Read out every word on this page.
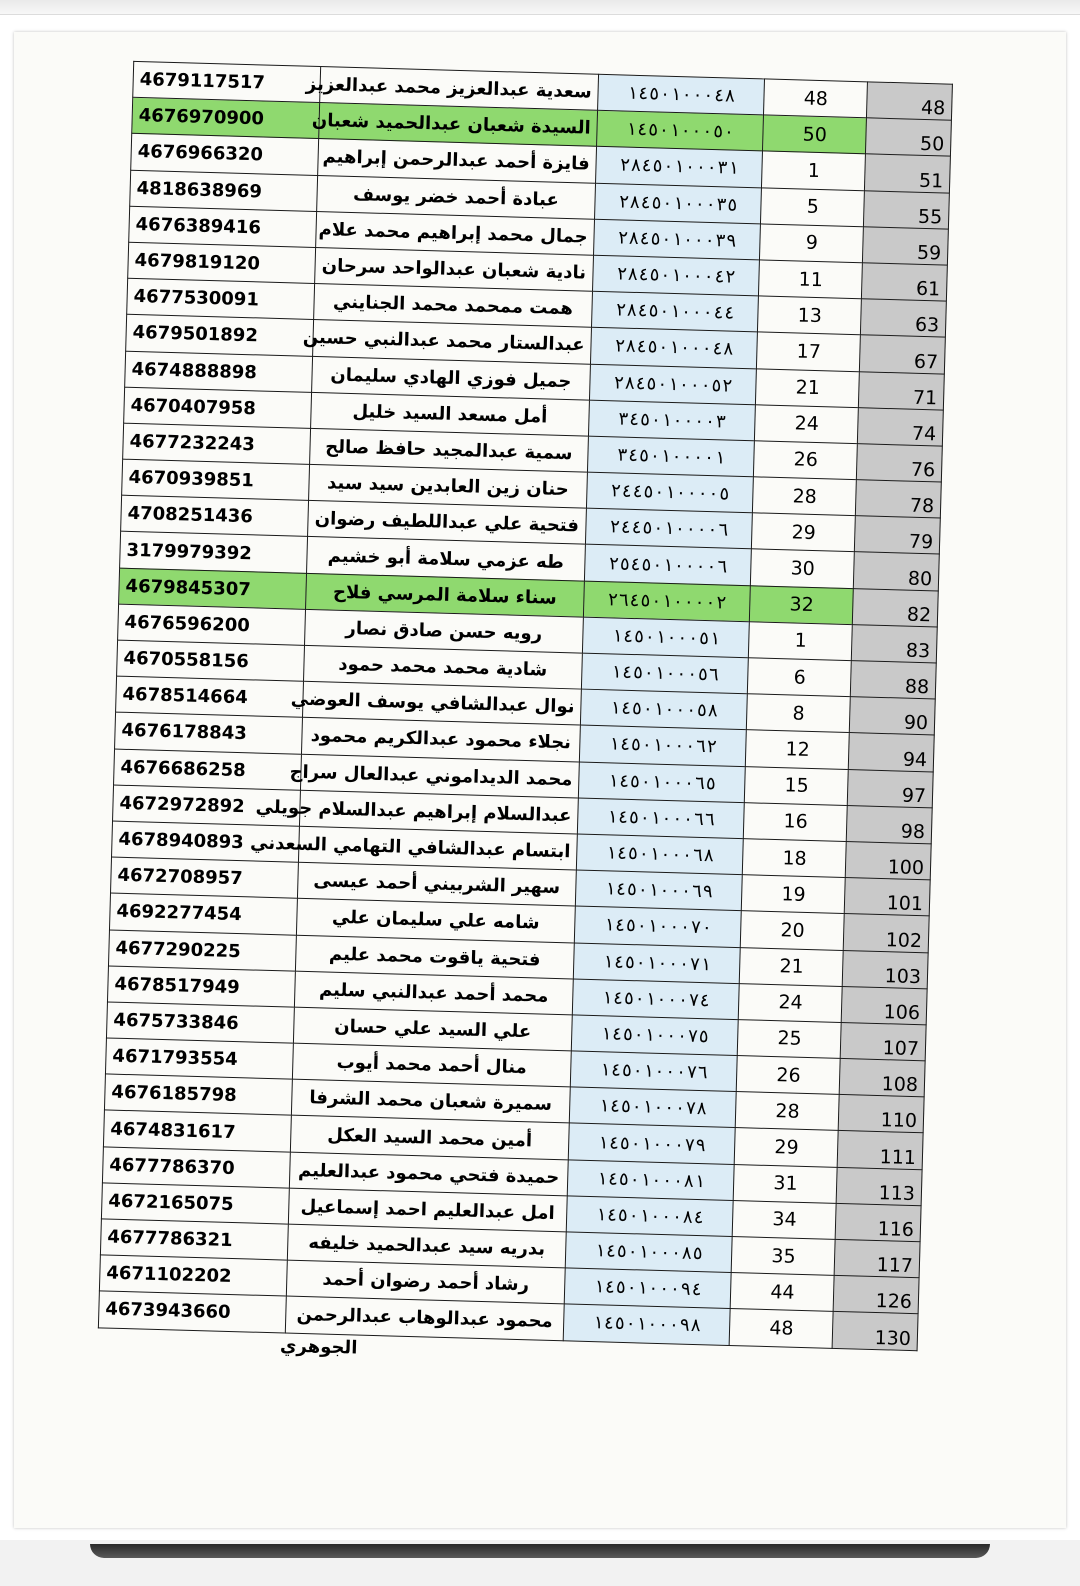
48	48	١٤٥٠١٠٠٠٤٨	سعدية عبدالعزيز محمد عبدالعزيز	4679117517
50	50	١٤٥٠١٠٠٠٥٠	السيدة شعبان عبدالحميد شعبان	4676970900
51	1	٢٨٤٥٠١٠٠٠٣١	فايزة أحمد عبدالرحمن إبراهيم	4676966320
55	5	٢٨٤٥٠١٠٠٠٣٥	عبادة أحمد خضر يوسف	4818638969
59	9	٢٨٤٥٠١٠٠٠٣٩	جمال محمد إبراهيم محمد علام	4676389416
61	11	٢٨٤٥٠١٠٠٠٤٢	نادية شعبان عبدالواحد سرحان	4679819120
63	13	٢٨٤٥٠١٠٠٠٤٤	همت ممحمد محمد الجنايني	4677530091
67	17	٢٨٤٥٠١٠٠٠٤٨	عبدالستار محمد عبدالنبي حسين	4679501892
71	21	٢٨٤٥٠١٠٠٠٥٢	جميل فوزي الهادي سليمان	4674888898
74	24	٣٤٥٠١٠٠٠٠٣	أمل مسعد السيد خليل	4670407958
76	26	٣٤٥٠١٠٠٠٠١	سمية عبدالمجيد حافظ صالح	4677232243
78	28	٢٤٤٥٠١٠٠٠٠٥	حنان زين العابدين سيد سيد	4670939851
79	29	٢٤٤٥٠١٠٠٠٠٦	فتحية علي عبداللطيف رضوان	4708251436
80	30	٢٥٤٥٠١٠٠٠٠٦	طه عزمي سلامة أبو خشيم	3179979392
82	32	٢٦٤٥٠١٠٠٠٠٢	سناء سلامة المرسي فلاح	4679845307
83	1	١٤٥٠١٠٠٠٥١	رويه حسن صادق نصار	4676596200
88	6	١٤٥٠١٠٠٠٥٦	شادية محمد محمد حمود	4670558156
90	8	١٤٥٠١٠٠٠٥٨	نوال عبدالشافي يوسف العوضي	4678514664
94	12	١٤٥٠١٠٠٠٦٢	نجلاء محمود عبدالكريم محمود	4676178843
97	15	١٤٥٠١٠٠٠٦٥	محمد الديداموني عبدالعال سراج	4676686258
98	16	١٤٥٠١٠٠٠٦٦	عبدالسلام إبراهيم عبدالسلام جويلي	4672972892
100	18	١٤٥٠١٠٠٠٦٨	ابتسام عبدالشافي التهامي السعدني	4678940893
101	19	١٤٥٠١٠٠٠٦٩	سهير الشربيني أحمد عيسى	4672708957
102	20	١٤٥٠١٠٠٠٧٠	شامه علي سليمان علي	4692277454
103	21	١٤٥٠١٠٠٠٧١	فتحية ياقوت محمد عليم	4677290225
106	24	١٤٥٠١٠٠٠٧٤	محمد أحمد عبدالنبي سليم	4678517949
107	25	١٤٥٠١٠٠٠٧٥	علي السيد علي حسان	4675733846
108	26	١٤٥٠١٠٠٠٧٦	منال أحمد محمد أيوب	4671793554
110	28	١٤٥٠١٠٠٠٧٨	سميرة شعبان محمد الشرفا	4676185798
111	29	١٤٥٠١٠٠٠٧٩	أمين محمد السيد العكل	4674831617
113	31	١٤٥٠١٠٠٠٨١	حميدة فتحي محمود عبدالعليم	4677786370
116	34	١٤٥٠١٠٠٠٨٤	امل عبدالعليم احمد إسماعيل	4672165075
117	35	١٤٥٠١٠٠٠٨٥	بدريه سيد عبدالحميد خليفه	4677786321
126	44	١٤٥٠١٠٠٠٩٤	رشاد أحمد رضوان أحمد	4671102202
130	48	١٤٥٠١٠٠٠٩٨	محمود عبدالوهاب عبدالرحمن	4673943660
الجوهري
